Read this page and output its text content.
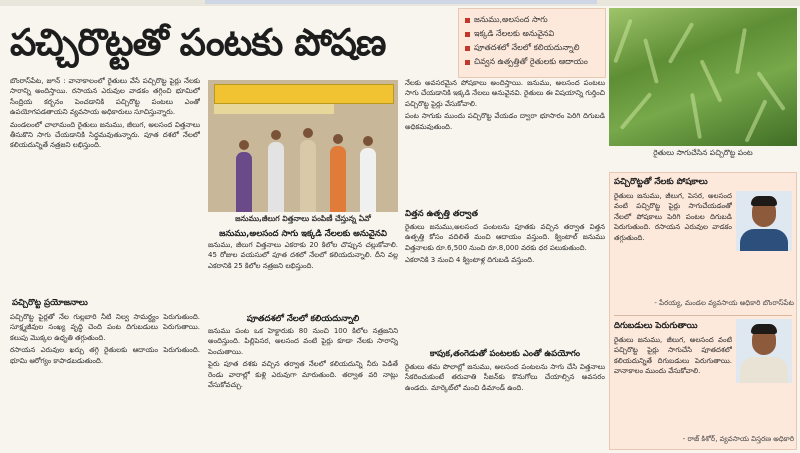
పచ్చిరొట్టతో పంటకు పోషణ
జనుము,అలసంద సాగు
ఇక్కడి నేలలకు అనువైనవి
పూతదశలో నేలలో కలియదున్నాలి
చివ్వన ఉత్పత్తితో రైతులకు ఆదాయం
రైతులు సాగుచేసిన పచ్చిరొట్ట పంట

బొంరాస్‌పేట, జూన్‌ : వానాకాలంలో రైతులు వేసే పచ్చిరొట్ట పైర్లు నేలకు సారాన్ని అందిస్తాయి. రసాయన ఎరువుల వాడకం తగ్గించి భూమిలో సేంద్రియ కర్బనం పెంచడానికి పచ్చిరొట్ట పంటలు ఎంతో ఉపయోగపడతాయని వ్యవసాయ అధికారులు సూచిస్తున్నారు.

మండలంలో చాలామంది రైతులు జనుము, జీలుగ, అలసంద విత్తనాలు తీసుకొని సాగు చేయడానికి సిద్ధమవుతున్నారు. పూత దశలో నేలలో కలియదున్నితే నత్రజని లభిస్తుంది.

పచ్చిరొట్ట ప్రయోజనాలు

పచ్చిరొట్ట పైర్లతో నేల గుల్లబారి నీటి నిల్వ సామర్థ్యం పెరుగుతుంది. సూక్ష్మజీవుల సంఖ్య వృద్ధి చెంది పంట దిగుబడులు పెరుగుతాయి. కలుపు మొక్కల ఉధృతి తగ్గుతుంది.

రసాయన ఎరువుల ఖర్చు తగ్గి రైతులకు ఆదాయం పెరుగుతుంది. భూమి ఆరోగ్యం కాపాడబడుతుంది.

జనుము,జీలుగ విత్తనాలు పంపిణీ చేస్తున్న ఏవో
జనుము,అలసంద సాగు ఇక్కడి నేలలకు అనువైనవి

జనుము, జీలుగ విత్తనాలు ఎకరాకు 20 కిలోల చొప్పున చల్లుకోవాలి. 45 రోజుల వయసులో పూత దశలో నేలలో కలియదున్నాలి. దీని వల్ల ఎకరానికి 25 కిలోల నత్రజని లభిస్తుంది.

పూతదశలో నేలలో కలియదున్నాలి

జనుము పంట ఒక హెక్టారుకు 80 నుంచి 100 కిలోల నత్రజనిని అందిస్తుంది. పిల్లిపెసర, అలసంద వంటి పైర్లు కూడా నేలకు సారాన్ని పెంచుతాయి.

పైరు పూత దశకు వచ్చిన తర్వాత నేలలో కలియదున్ని నీరు పెడితే రెండు వారాల్లో కుళ్లి ఎరువుగా మారుతుంది. తర్వాత వరి నాట్లు వేసుకోవచ్చు.

నేలకు అవసరమైన పోషకాలు అందిస్తాయి. జనుము, అలసంద పంటలు సాగు చేయడానికి ఇక్కడి నేలలు అనువైనవి. రైతులు ఈ విషయాన్ని గుర్తించి పచ్చిరొట్ట పైర్లు వేసుకోవాలి.

పంట సాగుకు ముందు పచ్చిరొట్ట వేయడం ద్వారా భూసారం పెరిగి దిగుబడి అధికమవుతుంది.

విత్తన ఉత్పత్తి తర్వాత

రైతులు జనుము,అలసంద పంటలను పూతకు వచ్చిన తర్వాత విత్తన ఉత్పత్తి కోసం వదిలితే మంచి ఆదాయం వస్తుంది. క్వింటాల్‌ జనుము విత్తనాలకు రూ.6,500 నుంచి రూ.8,000 వరకు ధర పలుకుతుంది.

ఎకరానికి 3 నుంచి 4 క్వింటాళ్ల దిగుబడి వస్తుంది.

కాపుక,తంగెడుతో పంటలకు ఎంతో ఉపయోగం

రైతులు తమ పొలాల్లో జనుము, అలసంద పంటలను సాగు చేసి విత్తనాలు సేకరించుకుంటే తరువాతి సీజన్‌కు కొనుగోలు చేయాల్సిన అవసరం ఉండదు. మార్కెట్‌లో మంచి డిమాండ్‌ ఉంది.

పచ్చిరొట్టతో నేలకు పోషకాలు
రైతులు జనుము, జీలుగ, పెసర, అలసంద వంటి పచ్చిరొట్ట పైర్లు సాగుచేయడంతో నేలలో పోషకాలు పెరిగి పంటల దిగుబడి పెరుగుతుంది. రసాయన ఎరువుల వాడకం తగ్గుతుంది.
- పేరయ్య, మండల వ్యవసాయ అధికారి బొంరాస్‌పేట
దిగుబడులు పెరుగుతాయి
రైతులు జనుము, జీలుగ, అలసంద వంటి పచ్చిరొట్ట పైర్లు సాగుచేసి పూతదశలో కలియదున్నితే దిగుబడులు పెరుగుతాయి. వానాకాలం ముందు వేసుకోవాలి.
- రాజ్ కిశోర్, వ్యవసాయ విస్తరణ అధికారి
